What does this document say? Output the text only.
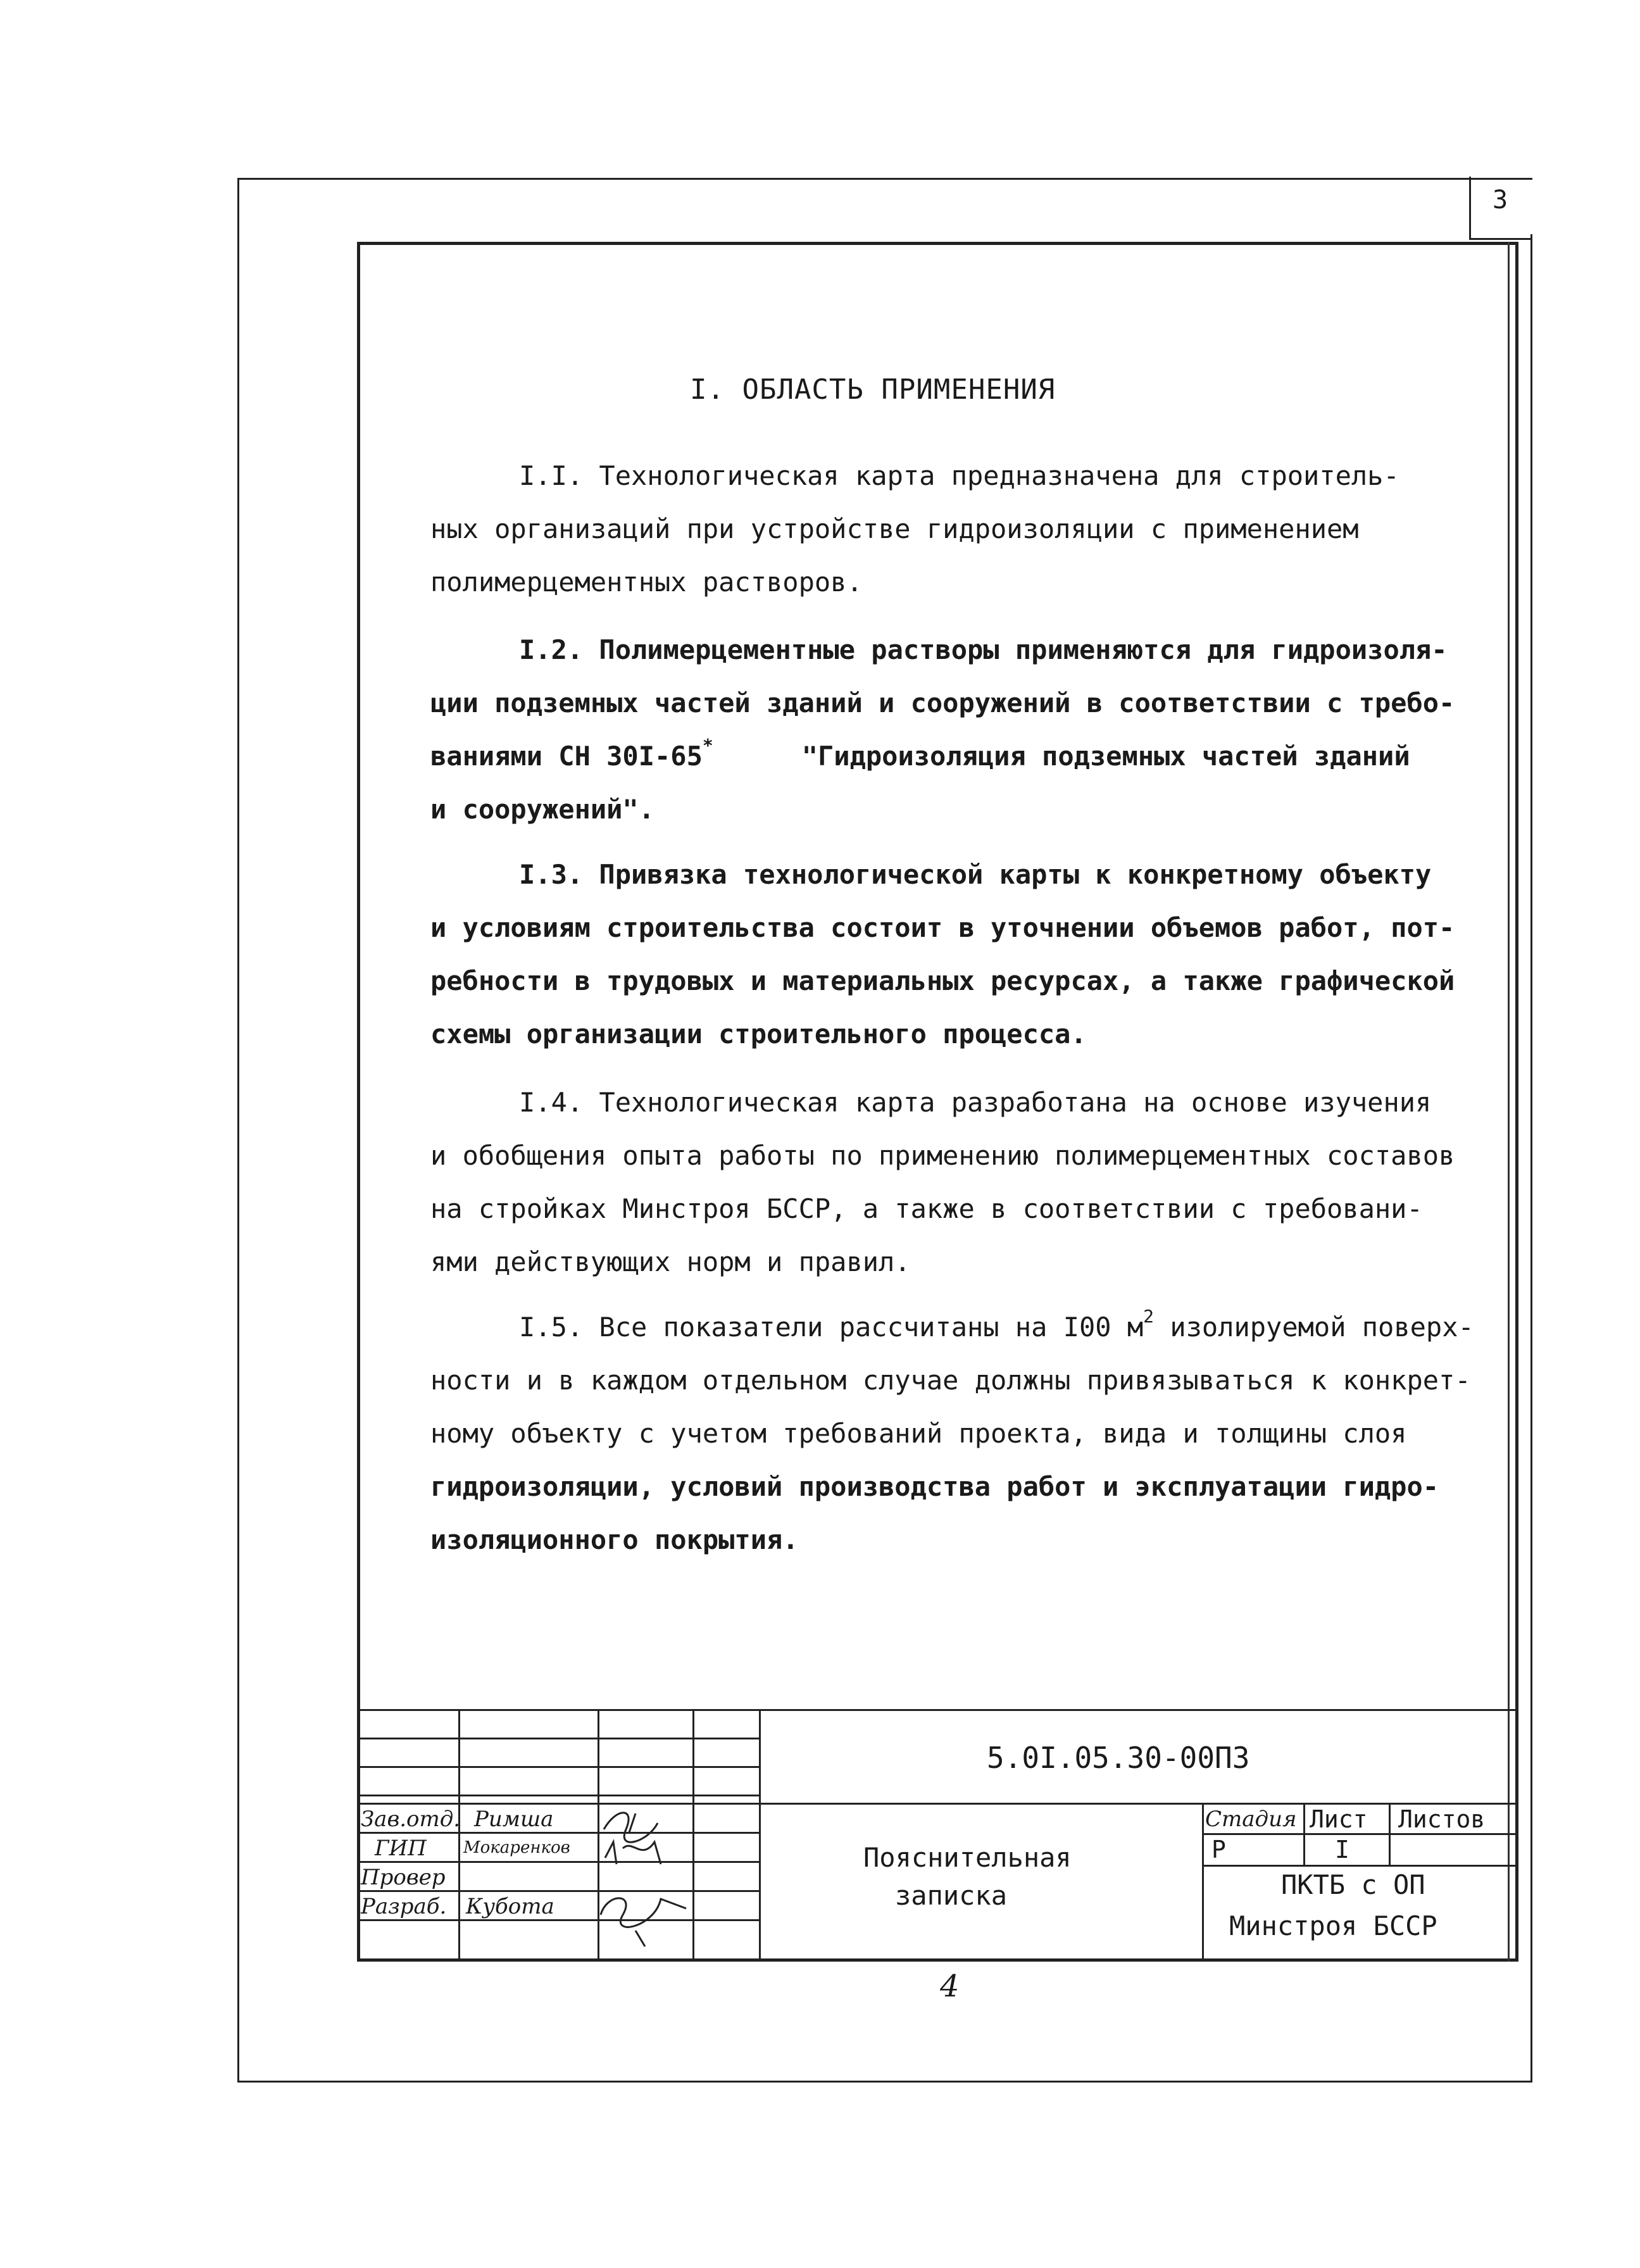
3
I. ОБЛАСТЬ ПРИМЕНЕНИЯ
I.I. Технологическая карта предназначена для строитель-
ных организаций при устройстве гидроизоляции с применением
полимерцементных растворов.
I.2. Полимерцементные растворы применяются для гидроизоля-
ции подземных частей зданий и сооружений в соответствии с требо-
ваниями СН 30I-65*	"Гидроизоляция подземных частей зданий
и сооружений".
I.3. Привязка технологической карты к конкретному объекту
и условиям строительства состоит в уточнении объемов работ, пот-
ребности в трудовых и материальных ресурсах, а также графической
схемы организации строительного процесса.
I.4. Технологическая карта разработана на основе изучения
и обобщения опыта работы по применению полимерцементных составов
на стройках Минстроя БССР, а также в соответствии с требовани-
ями действующих норм и правил.
I.5. Все показатели рассчитаны на I00 $м^2$ изолируемой поверх-
ности и в каждом отдельном случае должны привязываться к конкрет-
ному объекту с учетом требований проекта, вида и толщины слоя
гидроизоляции, условий производства работ и эксплуатации гидро-
изоляционного покрытия.
5.0I.05.30-00ПЗ
Зав.отд.
ГИП
Провер
Разраб.
Римша
Мокаренков
Кубота
Пояснительная
записка
Стадия Лист Листов
Р	I
ПКТБ с ОП
Минстроя БССР
4
